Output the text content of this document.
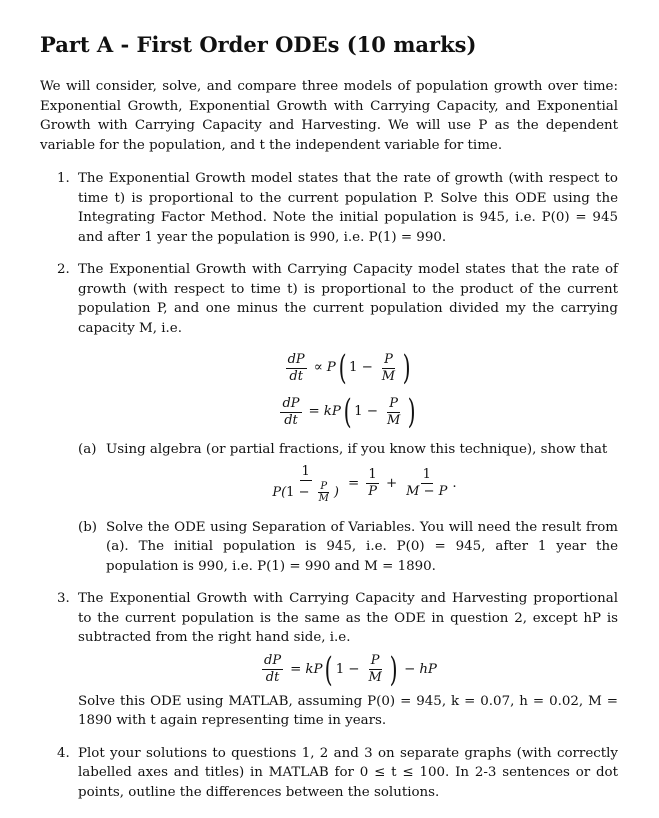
Part A - First Order ODEs (10 marks)

We will consider, solve, and compare three models of population growth over time: Exponential Growth, Exponential Growth with Carrying Capacity, and Exponential Growth with Carrying Capacity and Harvesting. We will use P as the dependent variable for the population, and t the independent variable for time.

1. The Exponential Growth model states that the rate of growth (with respect to time t) is proportional to the current population P. Solve this ODE using the Integrating Factor Method. Note the initial population is 945, i.e. P(0) = 945 and after 1 year the population is 990, i.e. P(1) = 990.
2. The Exponential Growth with Carrying Capacity model states that the rate of growth (with respect to time t) is proportional to the product of the current population P, and one minus the current population divided my the carrying capacity M, i.e.
$\frac{dP}{dt} \propto P$ ( $1 - \frac{P}{M}$ )
$\frac{dP}{dt}$ = kP ( $1 - \frac{P}{M}$ )
(a) Using algebra (or partial fractions, if you know this technique), show that
$\frac{1}{P(1 - \frac{P}{M} )} = \frac{1}{P} + \frac{1}{M - P}$ .
(b) Solve the ODE using Separation of Variables. You will need the result from (a). The initial population is 945, i.e. P(0) = 945, after 1 year the population is 990, i.e. P(1) = 990 and M = 1890.
3. The Exponential Growth with Carrying Capacity and Harvesting proportional to the current population is the same as the ODE in question 2, except hP is subtracted from the right hand side, i.e.
$\frac{dP}{dt}$ = kP ( $1 - \frac{P}{M}$ ) − hP
Solve this ODE using MATLAB, assuming P(0) = 945, k = 0.07, h = 0.02, M = 1890 with t again representing time in years.
4. Plot your solutions to questions 1, 2 and 3 on separate graphs (with correctly labelled axes and titles) in MATLAB for 0 ≤ t ≤ 100. In 2-3 sentences or dot points, outline the differences between the solutions.
